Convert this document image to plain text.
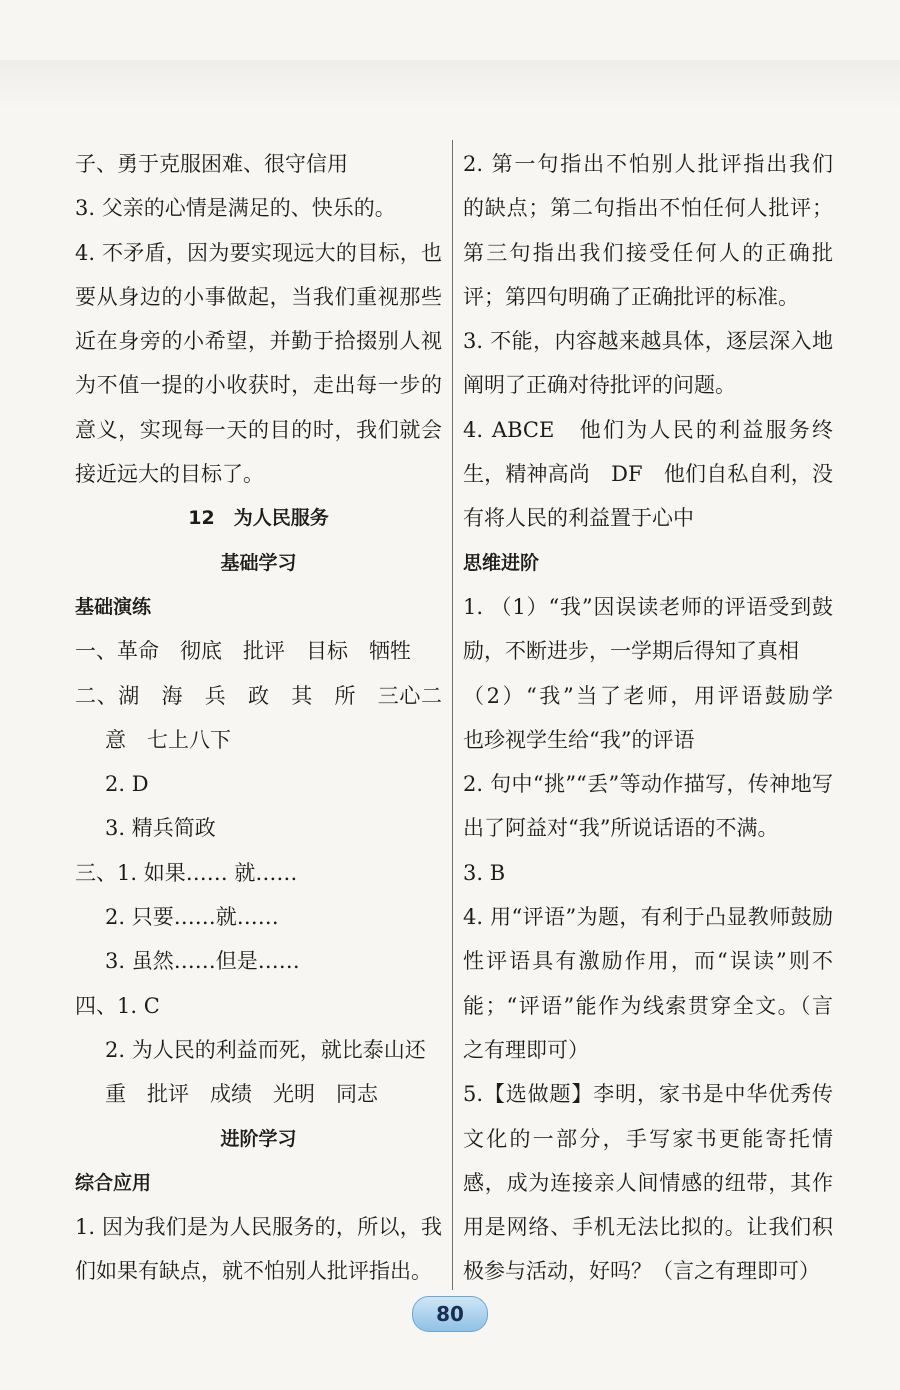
子、勇于克服困难、很守信用
3. 父亲的心情是满足的、快乐的。
4. 不矛盾，因为要实现远大的目标，也
要从身边的小事做起，当我们重视那些
近在身旁的小希望，并勤于拾掇别人视
为不值一提的小收获时，走出每一步的
意义，实现每一天的目的时，我们就会
接近远大的目标了。
12　为人民服务
基础学习
基础演练
一、革命　彻底　批评　目标　牺牲
二、湖　海　兵　政　其　所　三心二
意　七上八下
2. D
3. 精兵简政
三、1. 如果…… 就……
2. 只要……就……
3. 虽然……但是……
四、1. C
2. 为人民的利益而死，就比泰山还
重　批评　成绩　光明　同志
进阶学习
综合应用
1. 因为我们是为人民服务的，所以，我
们如果有缺点，就不怕别人批评指出。
2. 第一句指出不怕别人批评指出我们
的缺点；第二句指出不怕任何人批评；
第三句指出我们接受任何人的正确批
评；第四句明确了正确批评的标准。
3. 不能，内容越来越具体，逐层深入地
阐明了正确对待批评的问题。
4. ABCE　他们为人民的利益服务终
生，精神高尚　DF　他们自私自利，没
有将人民的利益置于心中
思维进阶
1. （1）“我”因误读老师的评语受到鼓
励，不断进步，一学期后得知了真相
（2）“我”当了老师，用评语鼓励学
也珍视学生给“我”的评语
2. 句中“挑”“丢”等动作描写，传神地写
出了阿益对“我”所说话语的不满。
3. B
4. 用“评语”为题，有利于凸显教师鼓励
性评语具有激励作用，而“误读”则不
能；“评语”能作为线索贯穿全文。（言
之有理即可）
5.【选做题】李明，家书是中华优秀传
文化的一部分，手写家书更能寄托情
感，成为连接亲人间情感的纽带，其作
用是网络、手机无法比拟的。让我们积
极参与活动，好吗？（言之有理即可）
80
